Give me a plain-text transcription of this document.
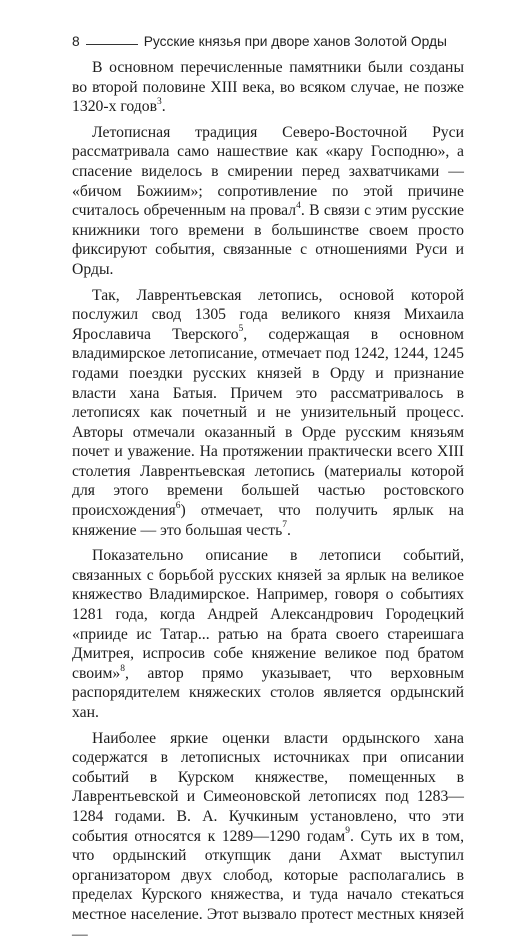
8	Русские князья при дворе ханов Золотой Орды

В основном перечисленные памятники были созданы во второй половине XIII века, во всяком случае, не позже 1320-х годов$^3$.

Летописная традиция Северо-Восточной Руси рассматривала само нашествие как «кару Господню», а спасение виделось в смирении перед захватчиками — «бичом Божиим»; сопротивление по этой причине считалось обреченным на провал$^4$. В связи с этим русские книжники того времени в большинстве своем просто фиксируют события, связанные с отношениями Руси и Орды.

Так, Лаврентьевская летопись, основой которой послужил свод 1305 года великого князя Михаила Ярославича Тверского$^5$, содержащая в основном владимирское летописание, отмечает под 1242, 1244, 1245 годами поездки русских князей в Орду и признание власти хана Батыя. Причем это рассматривалось в летописях как почетный и не унизительный процесс. Авторы отмечали оказанный в Орде русским князьям почет и уважение. На протяжении практически всего XIII столетия Лаврентьевская летопись (материалы которой для этого времени большей частью ростовского происхождения$^6$) отмечает, что получить ярлык на княжение — это большая честь$^7$.

Показательно описание в летописи событий, связанных с борьбой русских князей за ярлык на великое княжество Владимирское. Например, говоря о событиях 1281 года, когда Андрей Александрович Городецкий «прииде ис Татар... ратью на брата своего стареишага Дмитрея, испросив собе княжение великое под братом своим»$^8$, автор прямо указывает, что верховным распорядителем княжеских столов является ордынский хан.

Наиболее яркие оценки власти ордынского хана содержатся в летописных источниках при описании событий в Курском княжестве, помещенных в Лаврентьевской и Симеоновской летописях под 1283—1284 годами. В. А. Кучкиным установлено, что эти события относятся к 1289—1290 годам$^9$. Суть их в том, что ордынский откупщик дани Ахмат выступил организатором двух слобод, которые располагались в пределах Курского княжества, и туда начало стекаться местное население. Этот вызвало протест местных князей —
